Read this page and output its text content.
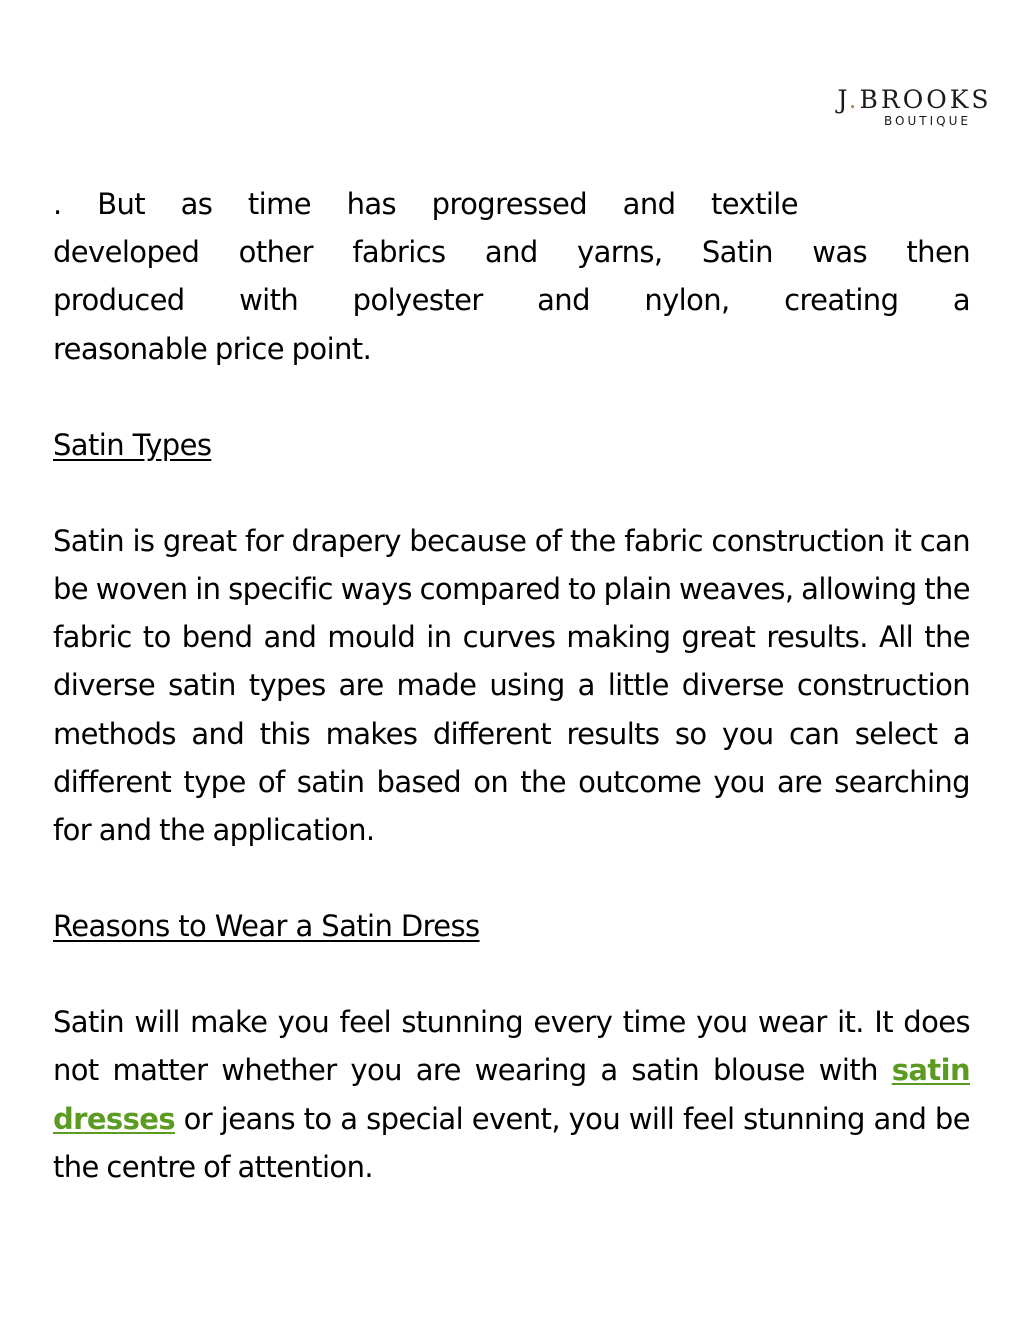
J.BROOKS
BOUTIQUE

. But as time has progressed and textile
developed other fabrics and yarns, Satin was then
produced with polyester and nylon, creating a
reasonable price point.

Satin Types

Satin is great for drapery because of the fabric construction it can be woven in specific ways compared to plain weaves, allowing the fabric to bend and mould in curves making great results. All the diverse satin types are made using a little diverse construction methods and this makes different results so you can select a different type of satin based on the outcome you are searching for and the application.

Reasons to Wear a Satin Dress

Satin will make you feel stunning every time you wear it. It does not matter whether you are wearing a satin blouse with satin dresses or jeans to a special event, you will feel stunning and be the centre of attention.
